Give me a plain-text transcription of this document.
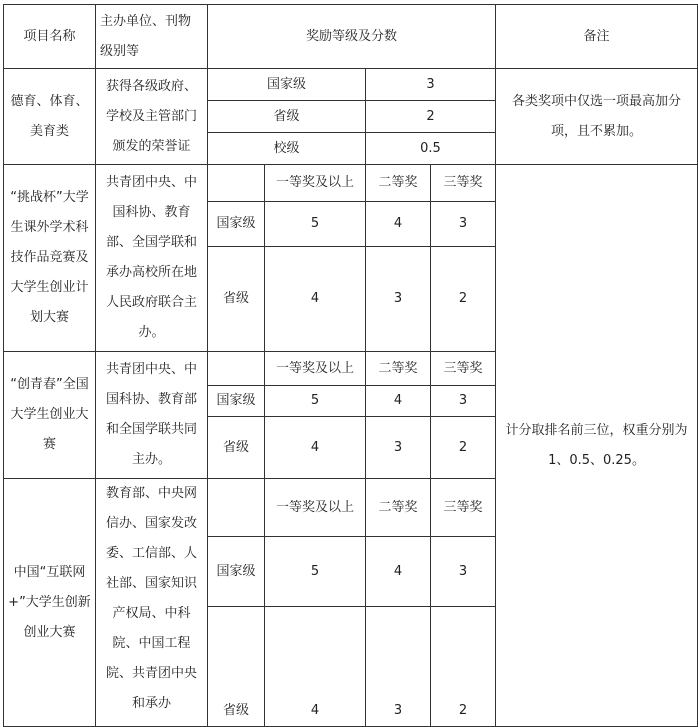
项目名称	主办单位、刊物级别等	奖励等级及分数				备注
德育、体育、美育类	获得各级政府、学校及主管部门颁发的荣誉证	国家级		3		各类奖项中仅选一项最高加分项，且不累加。
		省级		2		
		校级		0.5		
“挑战杯”大学生课外学术科技作品竞赛及大学生创业计划大赛	共青团中央、中国科协、教育部、全国学联和承办高校所在地人民政府联合主办。		一等奖及以上	二等奖	三等奖	计分取排名前三位，权重分别为1、0.5、0.25。
		国家级	5	4	3	
		省级	4	3	2	
“创青春”全国大学生创业大赛	共青团中央、中国科协、教育部和全国学联共同主办。		一等奖及以上	二等奖	三等奖	
		国家级	5	4	3	
		省级	4	3	2	
中国“互联网+”大学生创新创业大赛	教育部、中央网信办、国家发改委、工信部、人社部、国家知识产权局、中科院、中国工程院、共青团中央和承办		一等奖及以上	二等奖	三等奖	
		国家级	5	4	3	
		省级	4	3	2	
